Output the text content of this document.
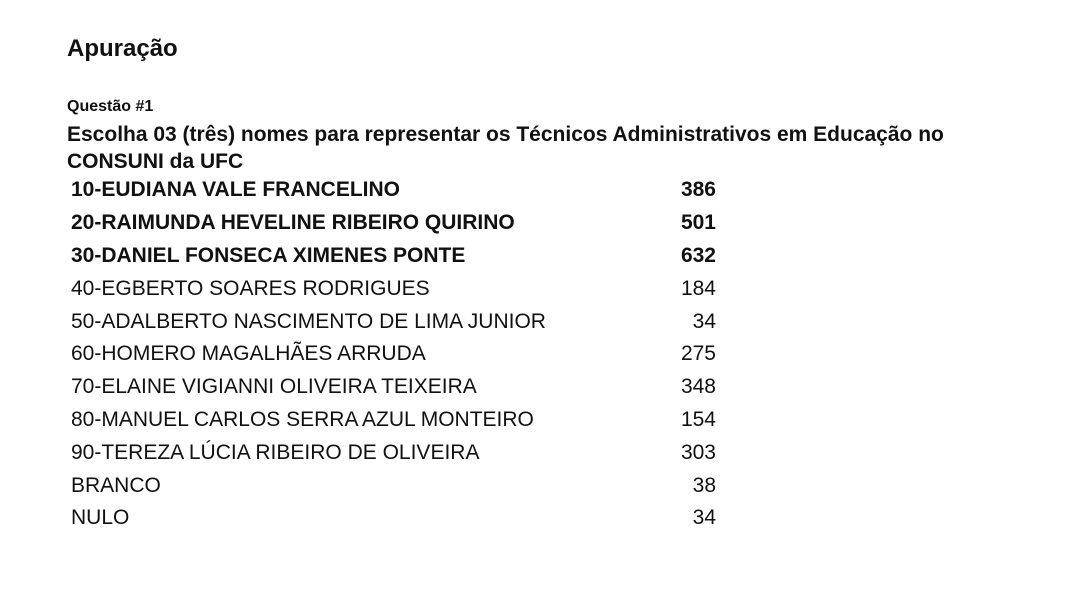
Apuração
Questão #1
Escolha 03 (três) nomes para representar os Técnicos Administrativos em Educação no CONSUNI da UFC
10-EUDIANA VALE FRANCELINO	386
20-RAIMUNDA HEVELINE RIBEIRO QUIRINO	501
30-DANIEL FONSECA XIMENES PONTE	632
40-EGBERTO SOARES RODRIGUES	184
50-ADALBERTO NASCIMENTO DE LIMA JUNIOR	34
60-HOMERO MAGALHÃES ARRUDA	275
70-ELAINE VIGIANNI OLIVEIRA TEIXEIRA	348
80-MANUEL CARLOS SERRA AZUL MONTEIRO	154
90-TEREZA LÚCIA RIBEIRO DE OLIVEIRA	303
BRANCO	38
NULO	34
